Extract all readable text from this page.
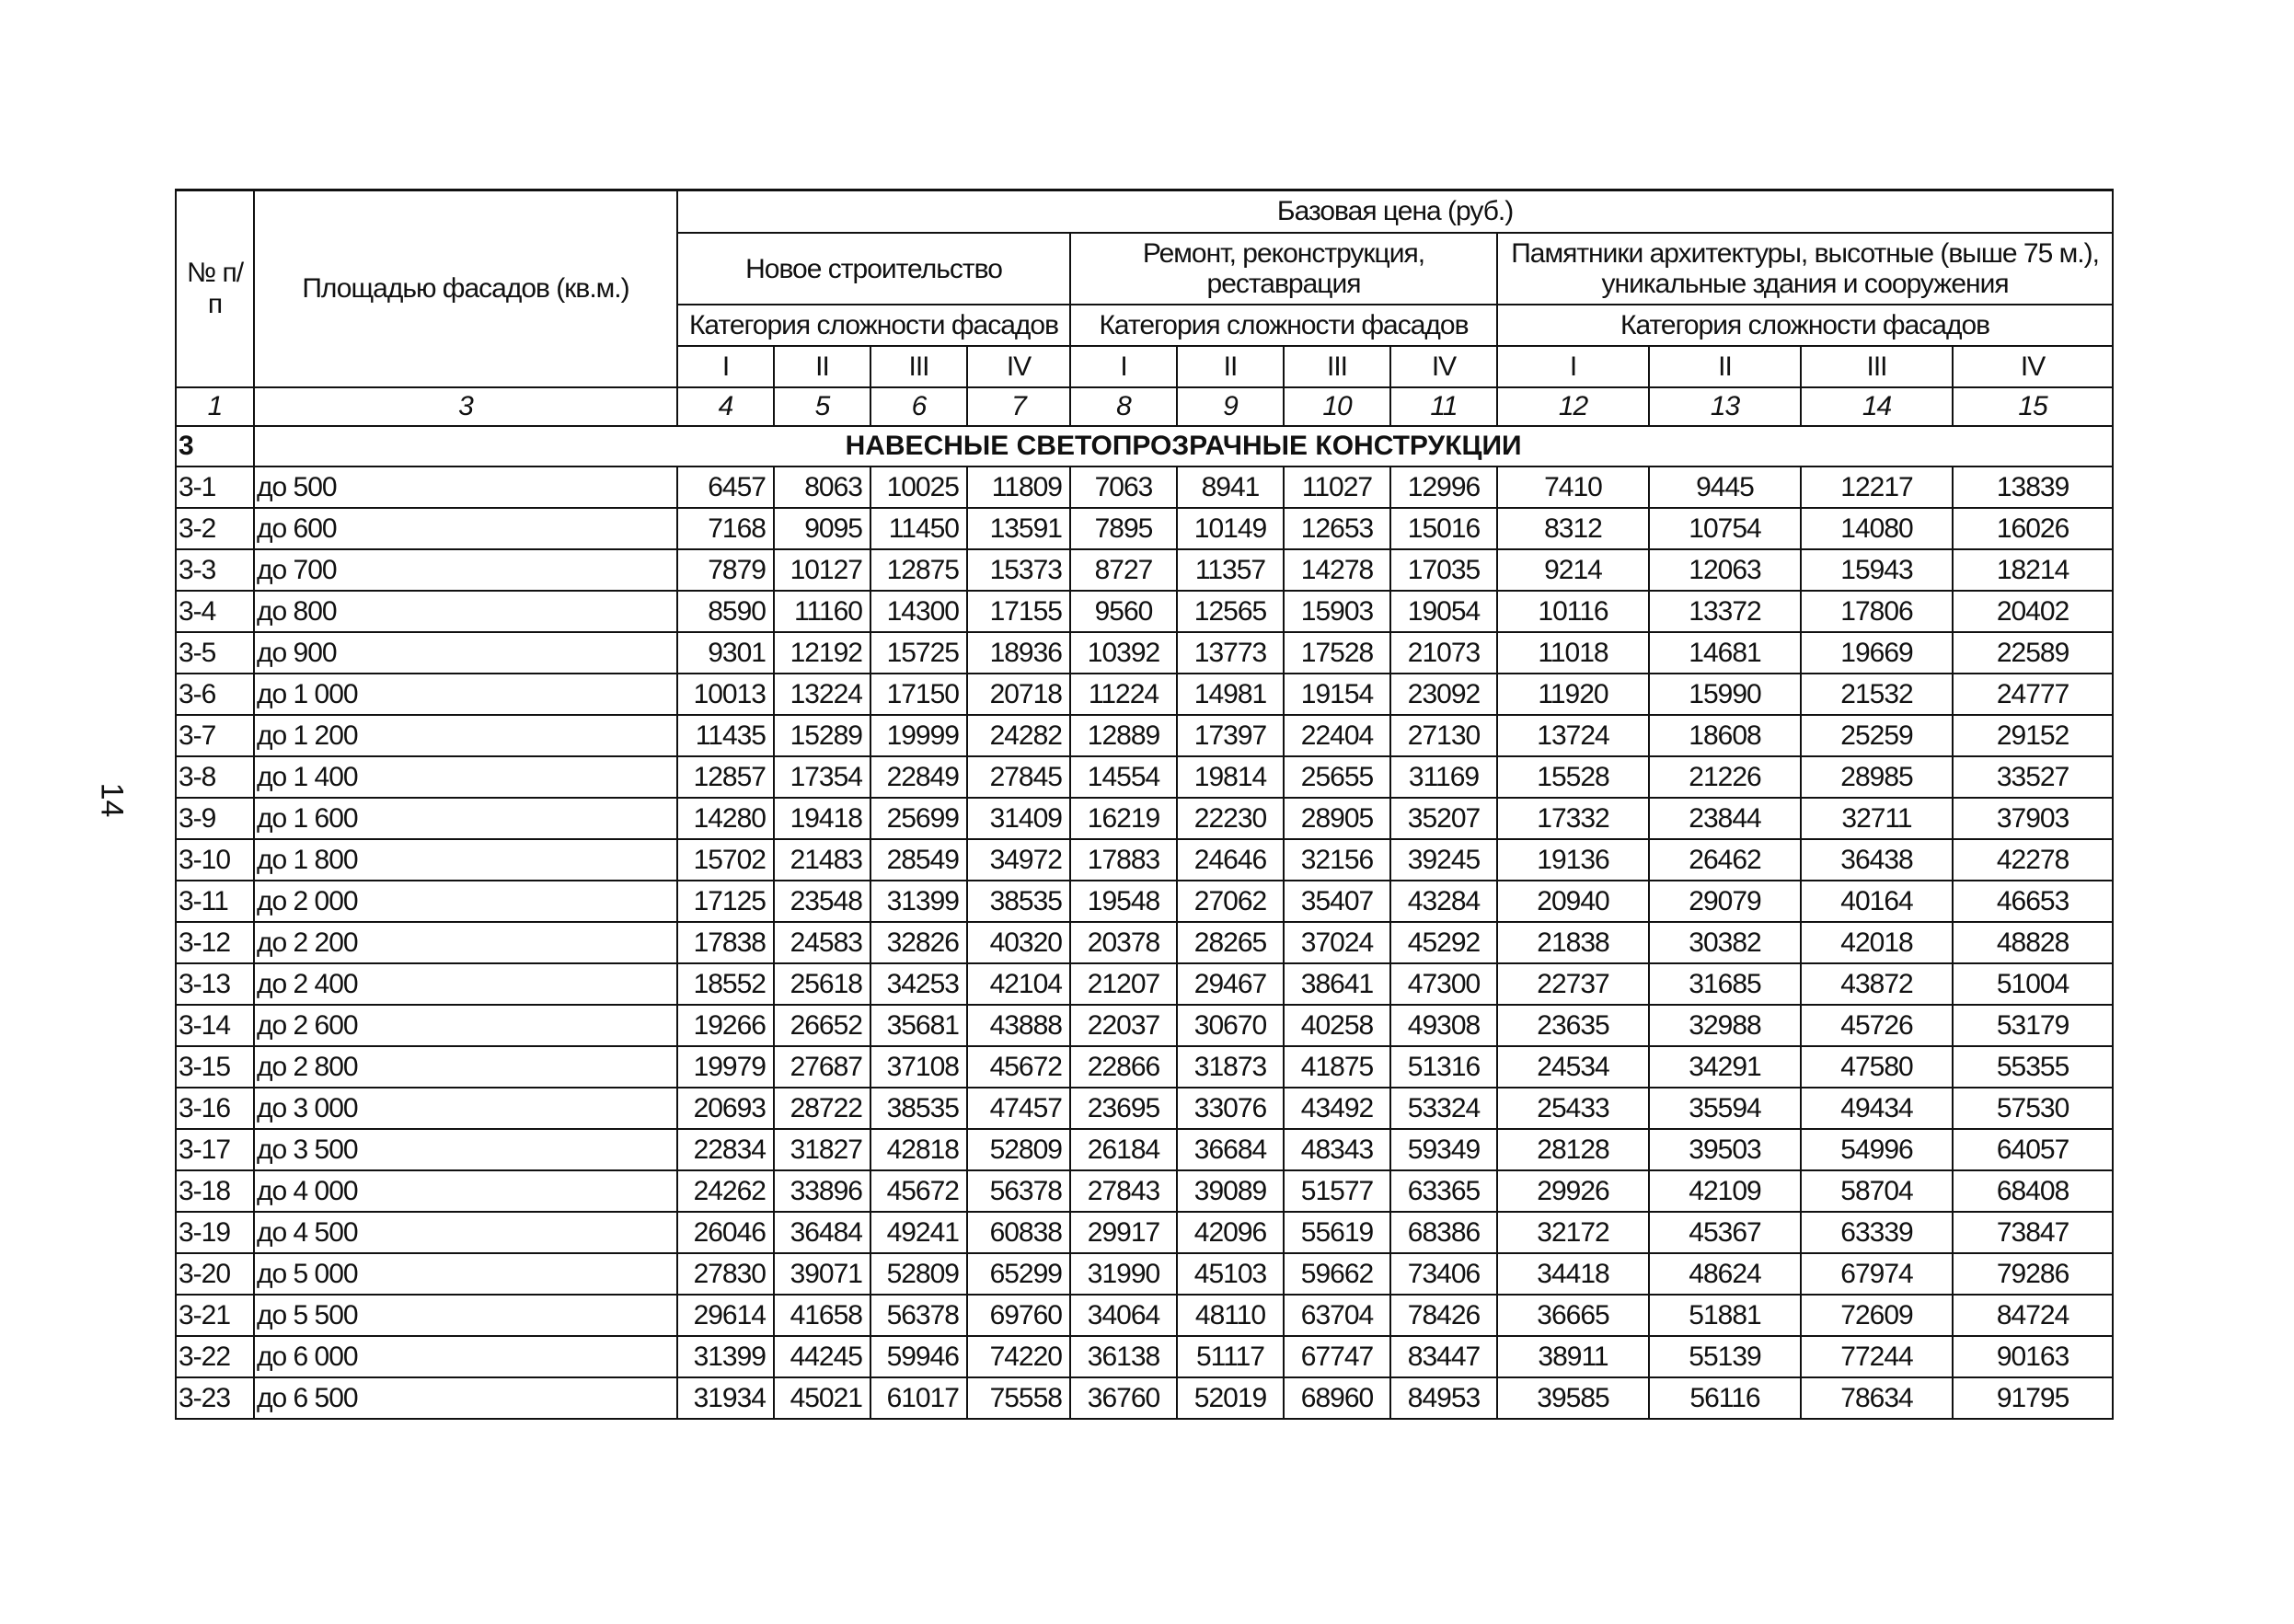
14
№ п/п	Площадью фасадов (кв.м.)	Базовая цена (руб.)											
		Новое строительство				Ремонт, реконструкция, реставрация				Памятники архитектуры, высотные (выше 75 м.), уникальные здания и сооружения			
		Категория сложности фасадов				Категория сложности фасадов				Категория сложности фасадов			
		I	II	III	IV	I	II	III	IV	I	II	III	IV
1	3	4	5	6	7	8	9	10	11	12	13	14	15
3	НАВЕСНЫЕ СВЕТОПРОЗРАЧНЫЕ КОНСТРУКЦИИ												
3-1	до 500	6457	8063	10025	11809	7063	8941	11027	12996	7410	9445	12217	13839
3-2	до 600	7168	9095	11450	13591	7895	10149	12653	15016	8312	10754	14080	16026
3-3	до 700	7879	10127	12875	15373	8727	11357	14278	17035	9214	12063	15943	18214
3-4	до 800	8590	11160	14300	17155	9560	12565	15903	19054	10116	13372	17806	20402
3-5	до 900	9301	12192	15725	18936	10392	13773	17528	21073	11018	14681	19669	22589
3-6	до 1 000	10013	13224	17150	20718	11224	14981	19154	23092	11920	15990	21532	24777
3-7	до 1 200	11435	15289	19999	24282	12889	17397	22404	27130	13724	18608	25259	29152
3-8	до 1 400	12857	17354	22849	27845	14554	19814	25655	31169	15528	21226	28985	33527
3-9	до 1 600	14280	19418	25699	31409	16219	22230	28905	35207	17332	23844	32711	37903
3-10	до 1 800	15702	21483	28549	34972	17883	24646	32156	39245	19136	26462	36438	42278
3-11	до 2 000	17125	23548	31399	38535	19548	27062	35407	43284	20940	29079	40164	46653
3-12	до 2 200	17838	24583	32826	40320	20378	28265	37024	45292	21838	30382	42018	48828
3-13	до 2 400	18552	25618	34253	42104	21207	29467	38641	47300	22737	31685	43872	51004
3-14	до 2 600	19266	26652	35681	43888	22037	30670	40258	49308	23635	32988	45726	53179
3-15	до 2 800	19979	27687	37108	45672	22866	31873	41875	51316	24534	34291	47580	55355
3-16	до 3 000	20693	28722	38535	47457	23695	33076	43492	53324	25433	35594	49434	57530
3-17	до 3 500	22834	31827	42818	52809	26184	36684	48343	59349	28128	39503	54996	64057
3-18	до 4 000	24262	33896	45672	56378	27843	39089	51577	63365	29926	42109	58704	68408
3-19	до 4 500	26046	36484	49241	60838	29917	42096	55619	68386	32172	45367	63339	73847
3-20	до 5 000	27830	39071	52809	65299	31990	45103	59662	73406	34418	48624	67974	79286
3-21	до 5 500	29614	41658	56378	69760	34064	48110	63704	78426	36665	51881	72609	84724
3-22	до 6 000	31399	44245	59946	74220	36138	51117	67747	83447	38911	55139	77244	90163
3-23	до 6 500	31934	45021	61017	75558	36760	52019	68960	84953	39585	56116	78634	91795
